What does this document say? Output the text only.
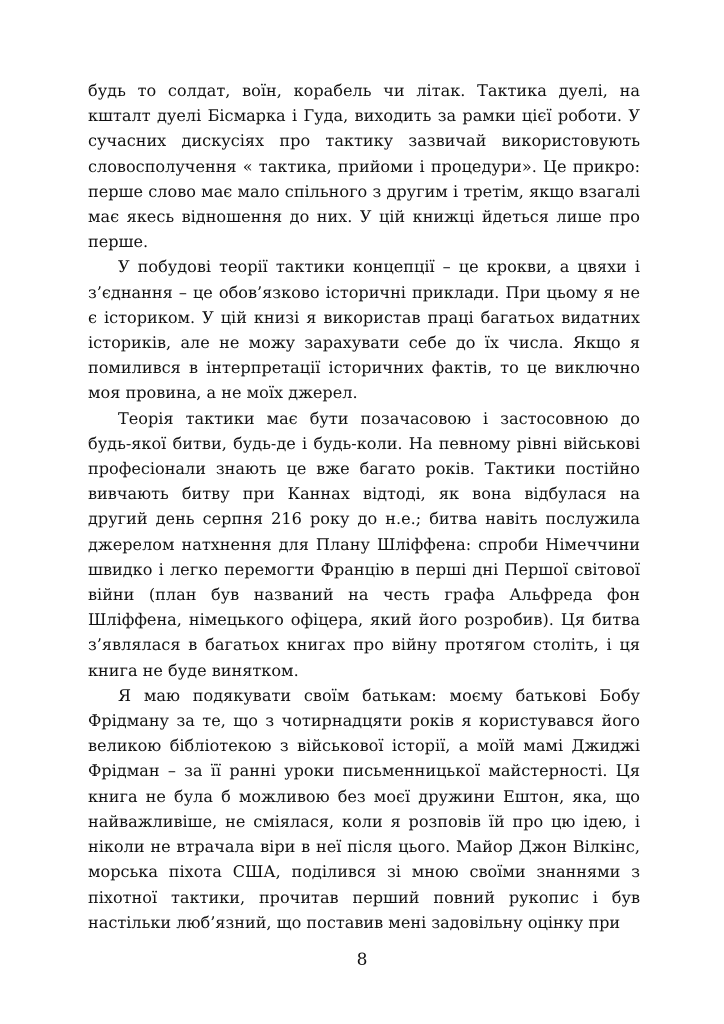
будь то солдат, воїн, корабель чи літак. Тактика дуелі, на кшталт дуелі Бісмарка і Гуда, виходить за рамки цієї роботи. У сучасних дискусіях про тактику зазвичай використовують словосполучення « тактика, прийоми і процедури». Це прикро: перше слово має мало спільного з другим і третім, якщо взагалі має якесь відношення до них. У цій книжці йдеться лише про перше.

У побудові теорії тактики концепції – це крокви, а цвяхи і з’єднання – це обов’язково історичні приклади. При цьому я не є істориком. У цій книзі я використав праці багатьох видатних істориків, але не можу зарахувати себе до їх числа. Якщо я помилився в інтерпретації історичних фактів, то це виключно моя провина, а не моїх джерел.

Теорія тактики має бути позачасовою і застосовною до будь-якої битви, будь-де і будь-коли. На певному рівні військові професіонали знають це вже багато років. Тактики постійно вивчають битву при Каннах відтоді, як вона відбулася на другий день серпня 216 року до н.е.; битва навіть послужила джерелом натхнення для Плану Шліффена: спроби Німеччини швидко і легко перемогти Францію в перші дні Першої світової війни (план був названий на честь графа Альфреда фон Шліффена, німецького офіцера, який його розробив). Ця битва з’являлася в багатьох книгах про війну протягом століть, і ця книга не буде винятком.

Я маю подякувати своїм батькам: моєму батькові Бобу Фрідману за те, що з чотирнадцяти років я користувався його великою бібліотекою з військової історії, а моїй мамі Джиджі Фрідман – за її ранні уроки письменницької майстерності. Ця книга не була б можливою без моєї дружини Ештон, яка, що найважливіше, не сміялася, коли я розповів їй про цю ідею, і ніколи не втрачала віри в неї після цього. Майор Джон Вілкінс, морська піхота США, поділився зі мною своїми знаннями з піхотної тактики, прочитав перший повний рукопис і був настільки люб’язний, що поставив мені задовільну оцінку при

8
